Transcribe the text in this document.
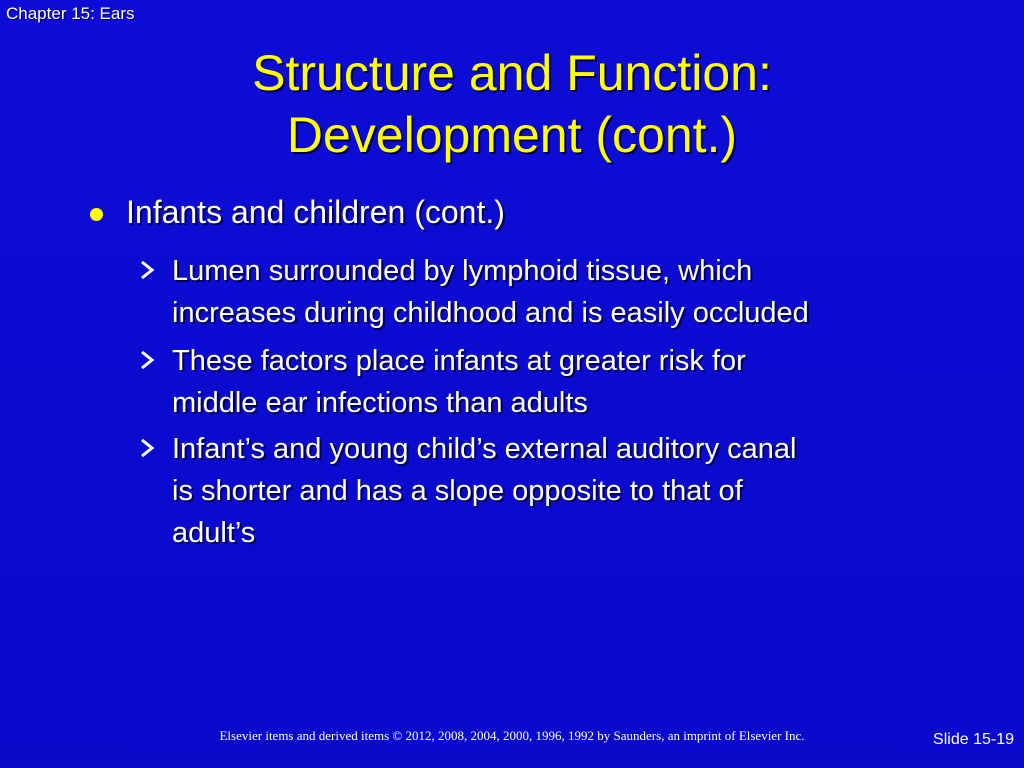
Chapter 15: Ears
Structure and Function:
Development (cont.)
Infants and children (cont.)
Lumen surrounded by lymphoid tissue, which
increases during childhood and is easily occluded
These factors place infants at greater risk for
middle ear infections than adults
Infant’s and young child’s external auditory canal
is shorter and has a slope opposite to that of
adult’s
Elsevier items and derived items © 2012, 2008, 2004, 2000, 1996, 1992 by Saunders, an imprint of Elsevier Inc.	Slide 15-19
